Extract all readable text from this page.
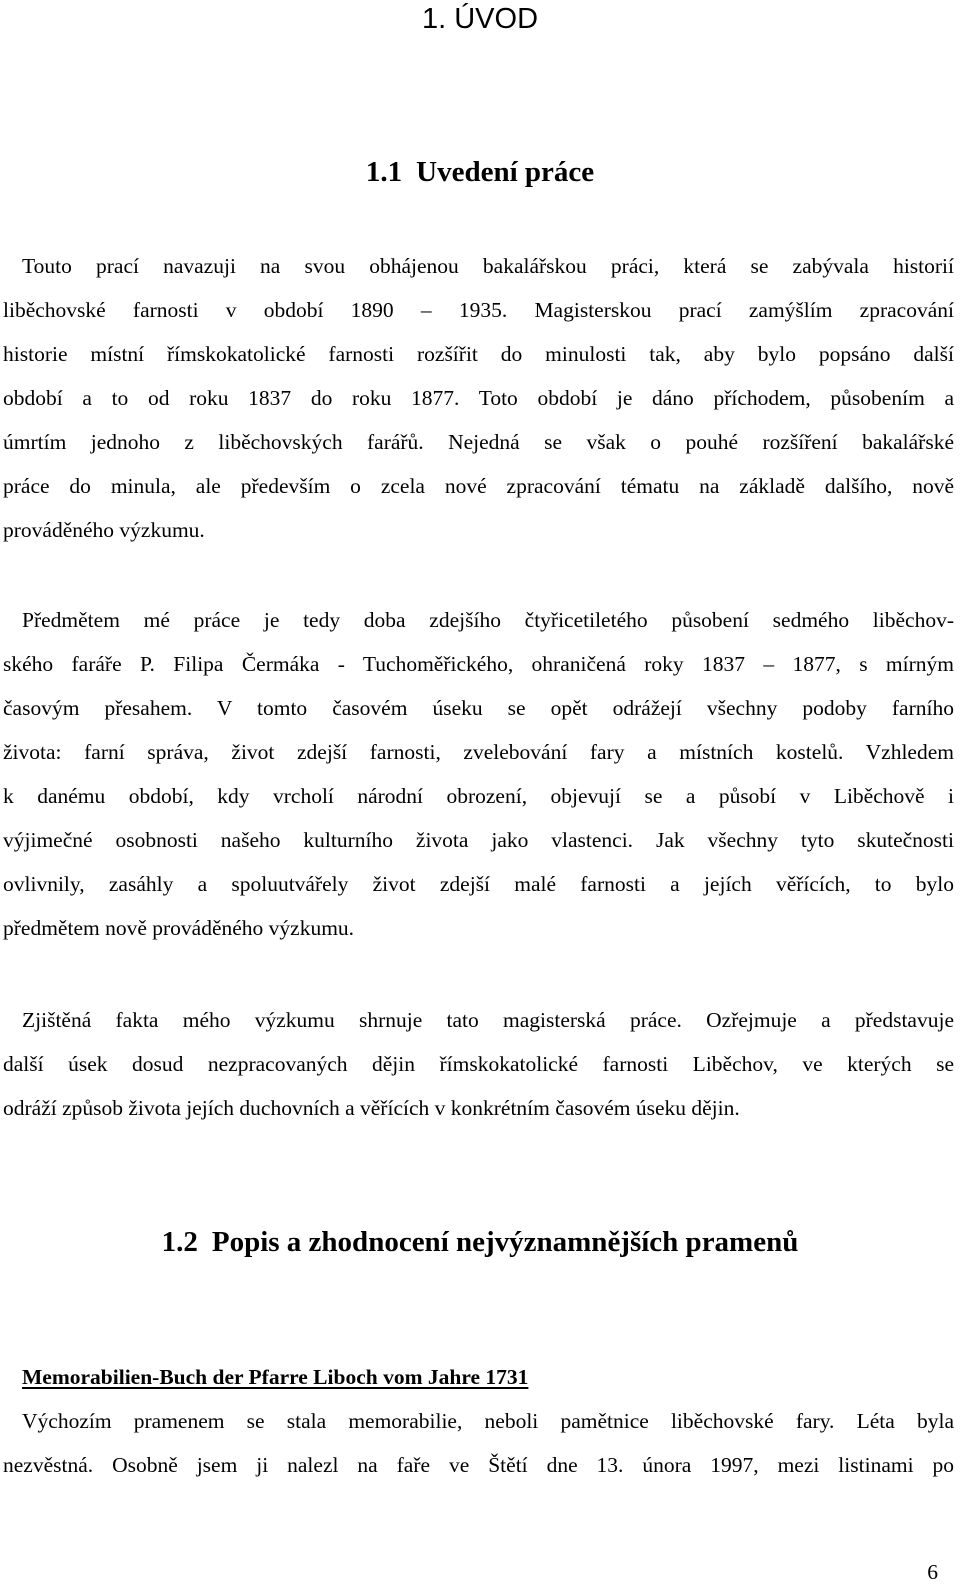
1. ÚVOD
1.1 Uvedení práce
Touto prací navazuji na svou obhájenou bakalářskou práci, která se zabývala historií
liběchovské farnosti v období 1890 – 1935. Magisterskou prací zamýšlím zpracování
historie místní římskokatolické farnosti rozšířit do minulosti tak, aby bylo popsáno další
období a to od roku 1837 do roku 1877. Toto období je dáno příchodem, působením a
úmrtím jednoho z liběchovských farářů. Nejedná se však o pouhé rozšíření bakalářské
práce do minula, ale především o zcela nové zpracování tématu na základě dalšího, nově
prováděného výzkumu.
Předmětem mé práce je tedy doba zdejšího čtyřicetiletého působení sedmého liběchov-
ského faráře P. Filipa Čermáka - Tuchoměřického, ohraničená roky 1837 – 1877, s mírným
časovým přesahem. V tomto časovém úseku se opět odrážejí všechny podoby farního
života: farní správa, život zdejší farnosti, zvelebování fary a místních kostelů. Vzhledem
k danému období, kdy vrcholí národní obrození, objevují se a působí v Liběchově i
výjimečné osobnosti našeho kulturního života jako vlastenci. Jak všechny tyto skutečnosti
ovlivnily, zasáhly a spoluutvářely život zdejší malé farnosti a jejích věřících, to bylo
předmětem nově prováděného výzkumu.
Zjištěná fakta mého výzkumu shrnuje tato magisterská práce. Ozřejmuje a představuje
další úsek dosud nezpracovaných dějin římskokatolické farnosti Liběchov, ve kterých se
odráží způsob života jejích duchovních a věřících v konkrétním časovém úseku dějin.
1.2 Popis a zhodnocení nejvýznamnějších pramenů
Memorabilien-Buch der Pfarre Liboch vom Jahre 1731
Výchozím pramenem se stala memorabilie, neboli pamětnice liběchovské fary. Léta byla
nezvěstná. Osobně jsem ji nalezl na faře ve Štětí dne 13. února 1997, mezi listinami po
6
